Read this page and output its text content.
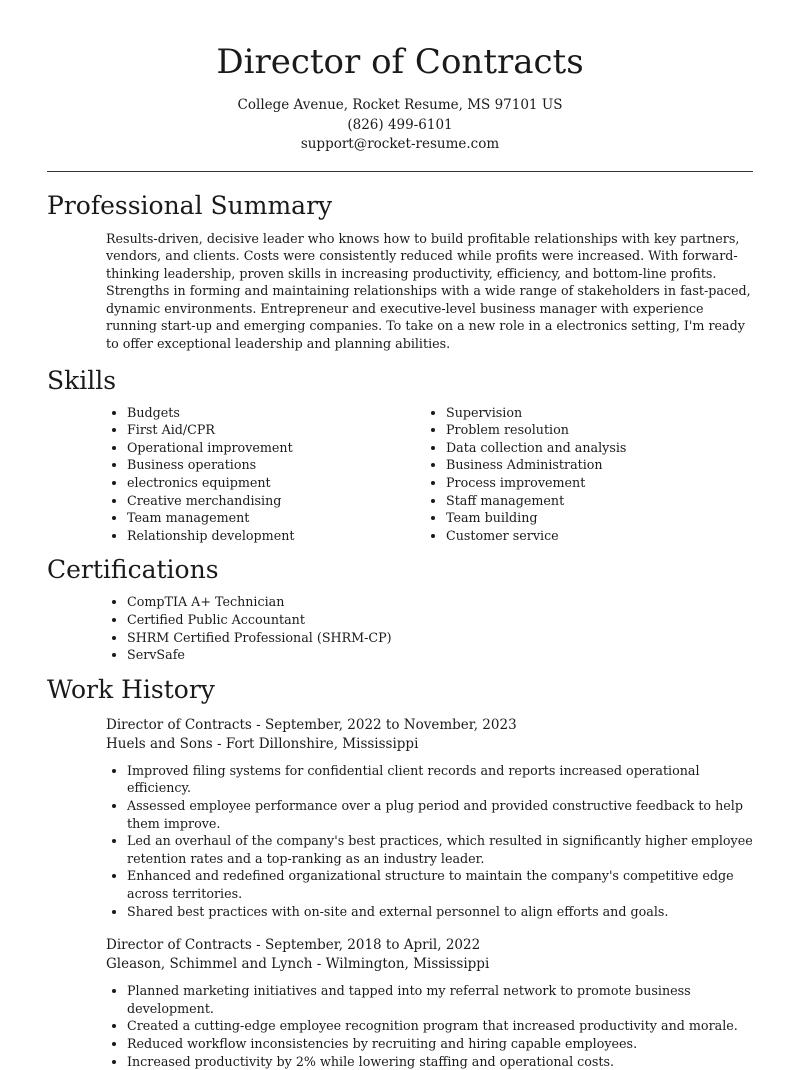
Director of Contracts
College Avenue, Rocket Resume, MS 97101 US
(826) 499-6101
support@rocket-resume.com
Professional Summary

Results-driven, decisive leader who knows how to build profitable relationships with key partners, vendors, and clients. Costs were consistently reduced while profits were increased. With forward-thinking leadership, proven skills in increasing productivity, efficiency, and bottom-line profits. Strengths in forming and maintaining relationships with a wide range of stakeholders in fast-paced, dynamic environments. Entrepreneur and executive-level business manager with experience running start-up and emerging companies. To take on a new role in a electronics setting, I'm ready to offer exceptional leadership and planning abilities.

Skills
• Budgets
• First Aid/CPR
• Operational improvement
• Business operations
• electronics equipment
• Creative merchandising
• Team management
• Relationship development
• Supervision
• Problem resolution
• Data collection and analysis
• Business Administration
• Process improvement
• Staff management
• Team building
• Customer service
Certifications
• CompTIA A+ Technician
• Certified Public Accountant
• SHRM Certified Professional (SHRM-CP)
• ServSafe
Work History
Director of Contracts - September, 2022 to November, 2023
Huels and Sons - Fort Dillonshire, Mississippi
• Improved filing systems for confidential client records and reports increased operational efficiency.
• Assessed employee performance over a plug period and provided constructive feedback to help them improve.
• Led an overhaul of the company's best practices, which resulted in significantly higher employee retention rates and a top-ranking as an industry leader.
• Enhanced and redefined organizational structure to maintain the company's competitive edge across territories.
• Shared best practices with on-site and external personnel to align efforts and goals.
Director of Contracts - September, 2018 to April, 2022
Gleason, Schimmel and Lynch - Wilmington, Mississippi
• Planned marketing initiatives and tapped into my referral network to promote business development.
• Created a cutting-edge employee recognition program that increased productivity and morale.
• Reduced workflow inconsistencies by recruiting and hiring capable employees.
• Increased productivity by 2% while lowering staffing and operational costs.
